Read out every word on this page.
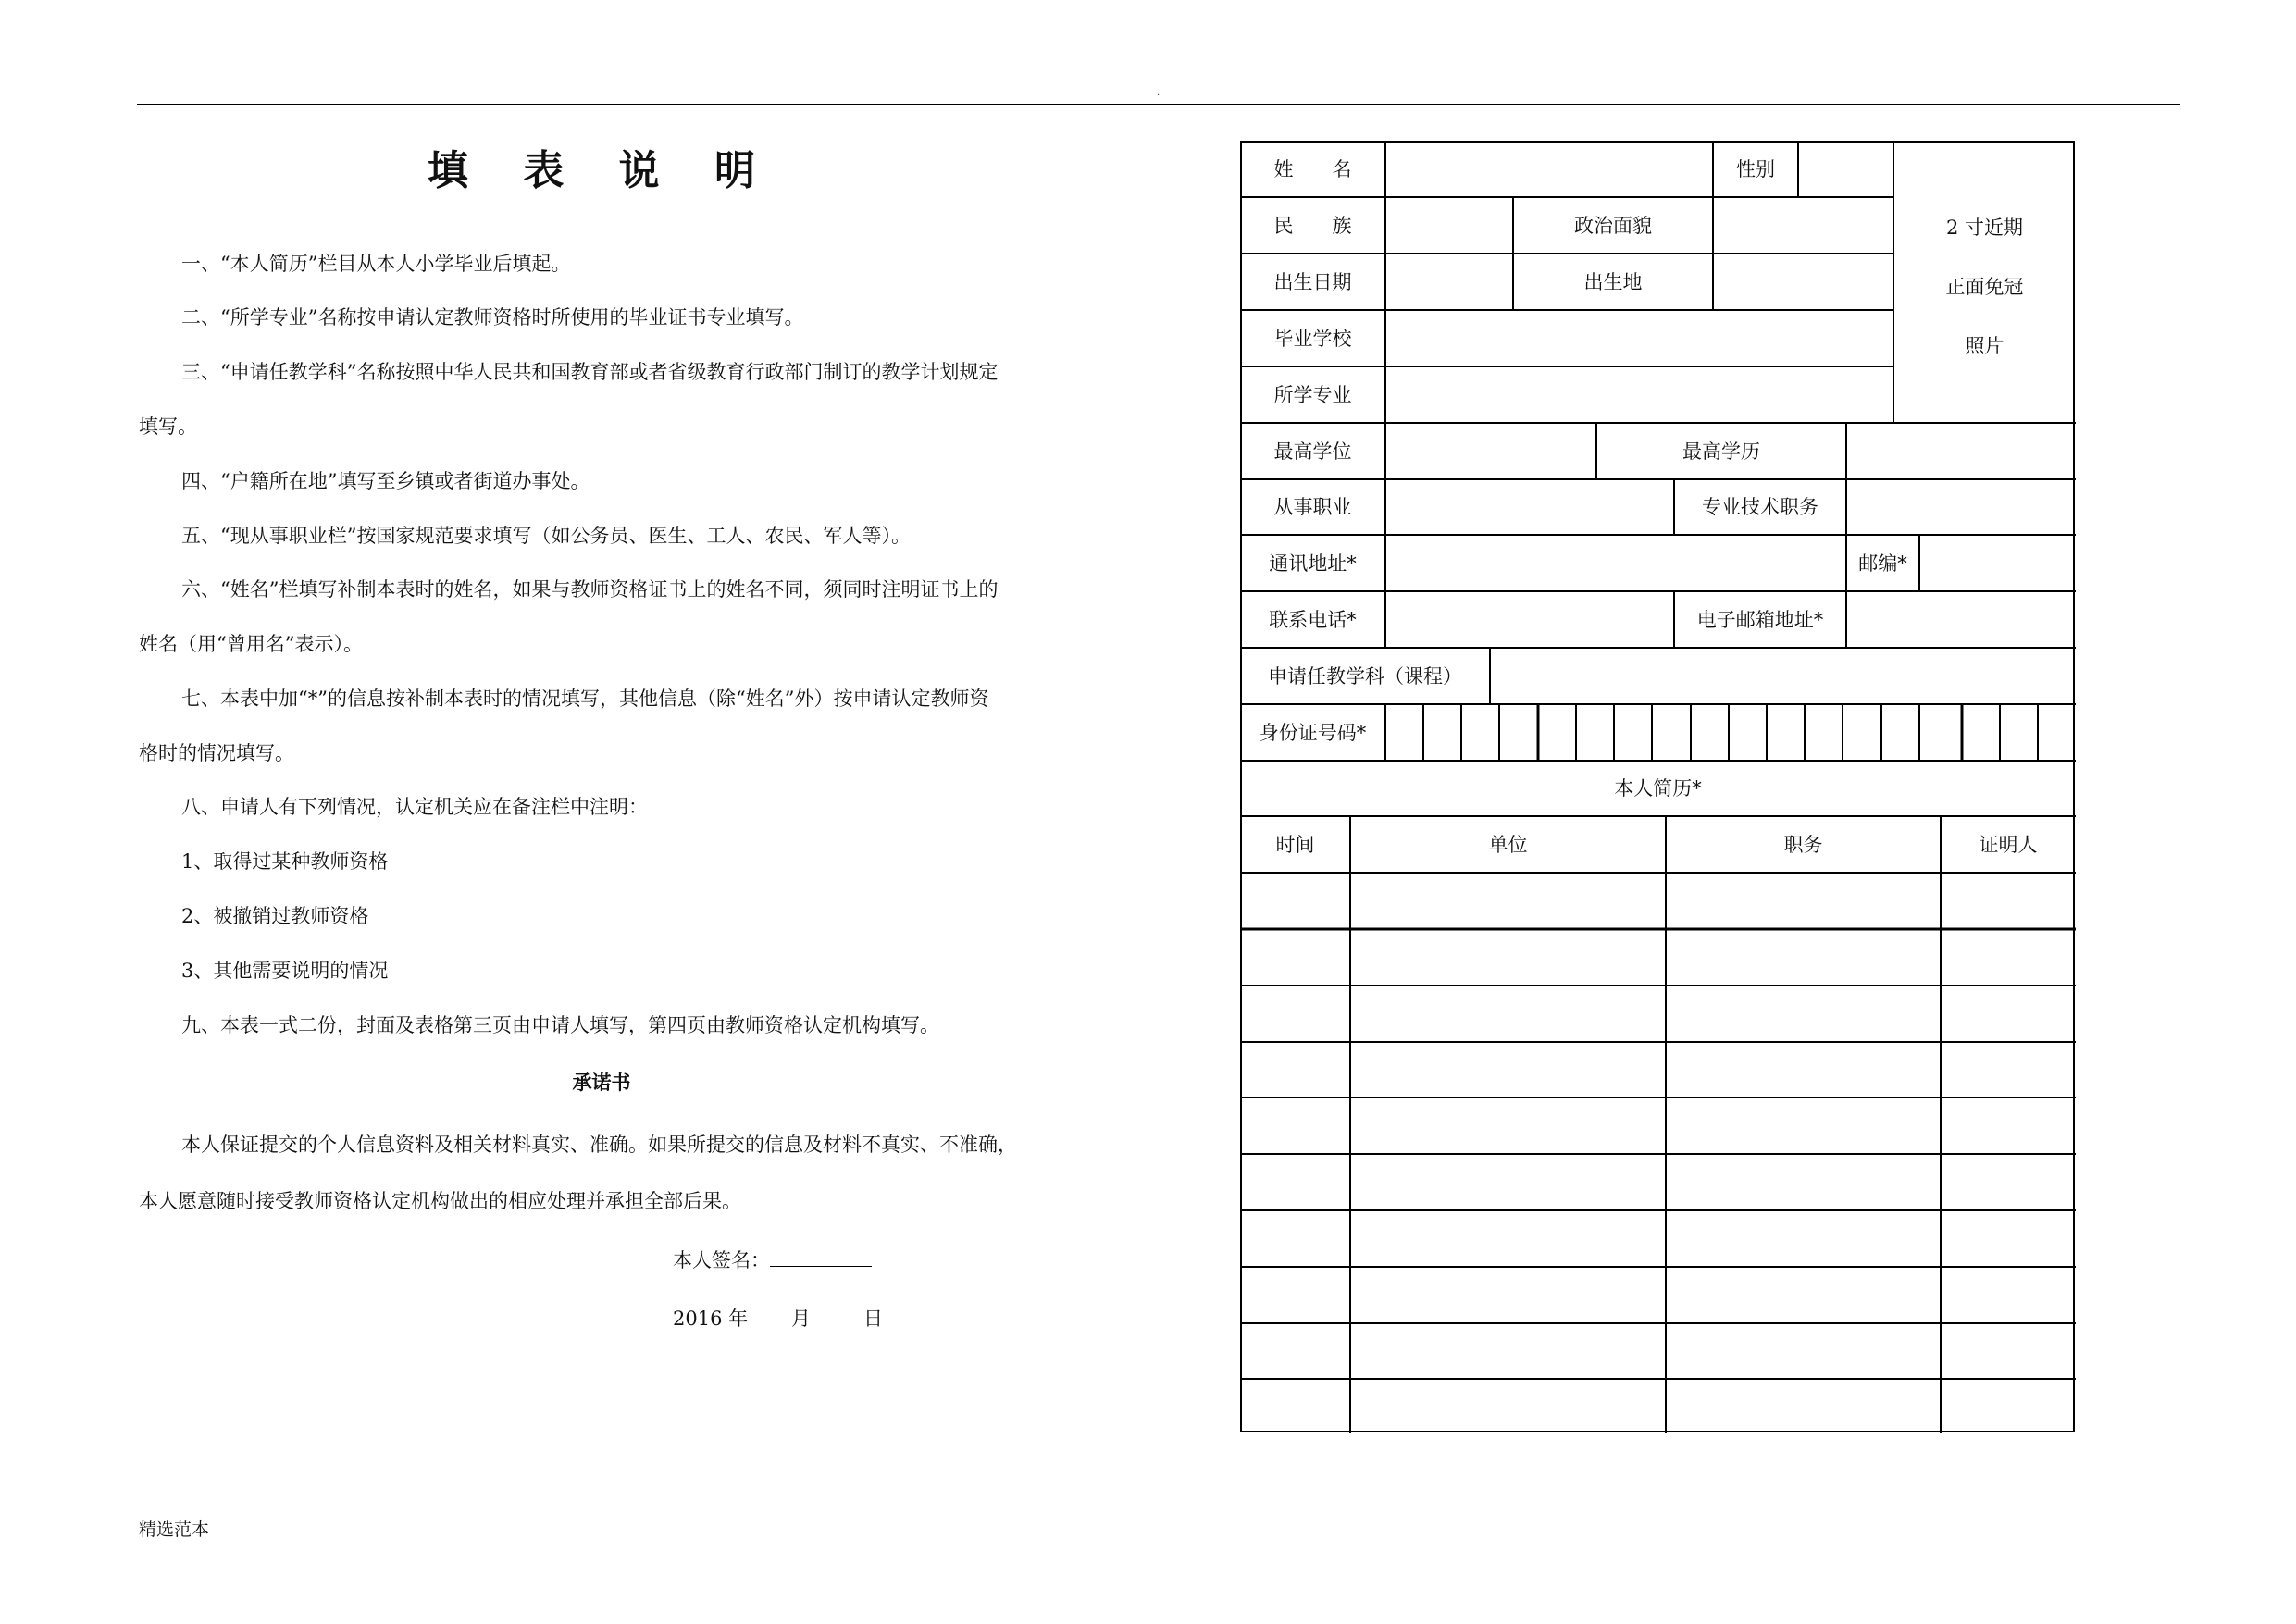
.
填 表 说 明
一、“本人简历”栏目从本人小学毕业后填起。
二、“所学专业”名称按申请认定教师资格时所使用的毕业证书专业填写。
三、“申请任教学科”名称按照中华人民共和国教育部或者省级教育行政部门制订的教学计划规定
填写。
四、“户籍所在地”填写至乡镇或者街道办事处。
五、“现从事职业栏”按国家规范要求填写（如公务员、医生、工人、农民、军人等）。
六、“姓名”栏填写补制本表时的姓名，如果与教师资格证书上的姓名不同，须同时注明证书上的
姓名（用“曾用名”表示）。
七、本表中加“*”的信息按补制本表时的情况填写，其他信息（除“姓名”外）按申请认定教师资
格时的情况填写。
八、申请人有下列情况，认定机关应在备注栏中注明：
1、取得过某种教师资格
2、被撤销过教师资格
3、其他需要说明的情况
九、本表一式二份，封面及表格第三页由申请人填写，第四页由教师资格认定机构填写。
承诺书
本人保证提交的个人信息资料及相关材料真实、准确。如果所提交的信息及材料不真实、不准确，
本人愿意随时接受教师资格认定机构做出的相应处理并承担全部后果。
本人签名：
2016 年 月	日
精选范本
姓　　名	性别
民　　族	政治面貌
出生日期	出生地
毕业学校
所学专业
最高学位	最高学历
从事职业	专业技术职务
通讯地址*	邮编*
联系电话*	电子邮箱地址*
申请任教学科（课程）
身份证号码*
本人简历*
时间	单位	职务	证明人
2 寸近期
正面免冠
照片
